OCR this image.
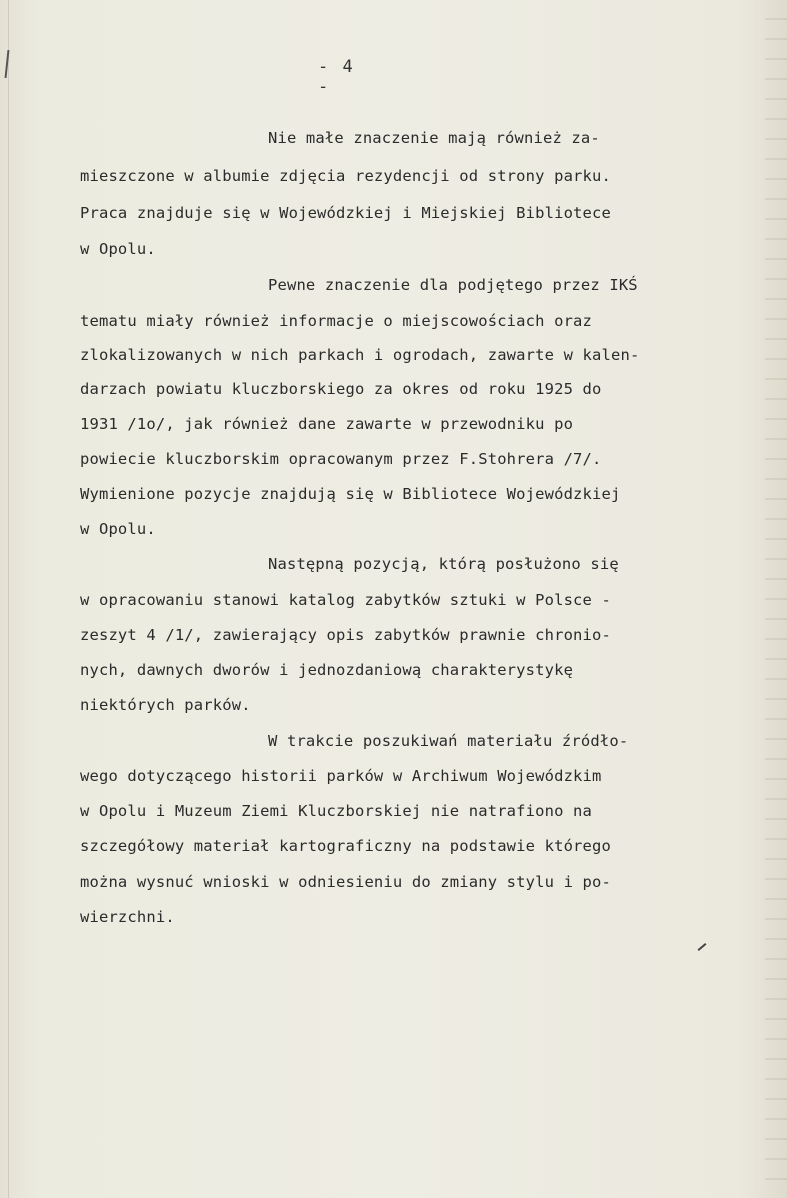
- 4 -
Nie małe znaczenie mają również za-
mieszczone w albumie zdjęcia rezydencji od strony parku.
Praca znajduje się w Wojewódzkiej i Miejskiej Bibliotece
w Opolu.
Pewne znaczenie dla podjętego przez IKŚ
tematu miały również informacje o miejscowościach oraz
zlokalizowanych w nich parkach i ogrodach, zawarte w kalen-
darzach powiatu kluczborskiego za okres od roku 1925 do
1931 /1o/, jak również dane zawarte w przewodniku po
powiecie kluczborskim opracowanym przez F.Stohrera /7/.
Wymienione pozycje znajdują się w Bibliotece Wojewódzkiej
w Opolu.
Następną pozycją, którą posłużono się
w opracowaniu stanowi katalog zabytków sztuki w Polsce -
zeszyt 4 /1/, zawierający opis zabytków prawnie chronio-
nych, dawnych dworów i jednozdaniową charakterystykę
niektórych parków.
W trakcie poszukiwań materiału źródło-
wego dotyczącego historii parków w Archiwum Wojewódzkim
w Opolu i Muzeum Ziemi Kluczborskiej nie natrafiono na
szczegółowy materiał kartograficzny na podstawie którego
można wysnuć wnioski w odniesieniu do zmiany stylu i po-
wierzchni.
